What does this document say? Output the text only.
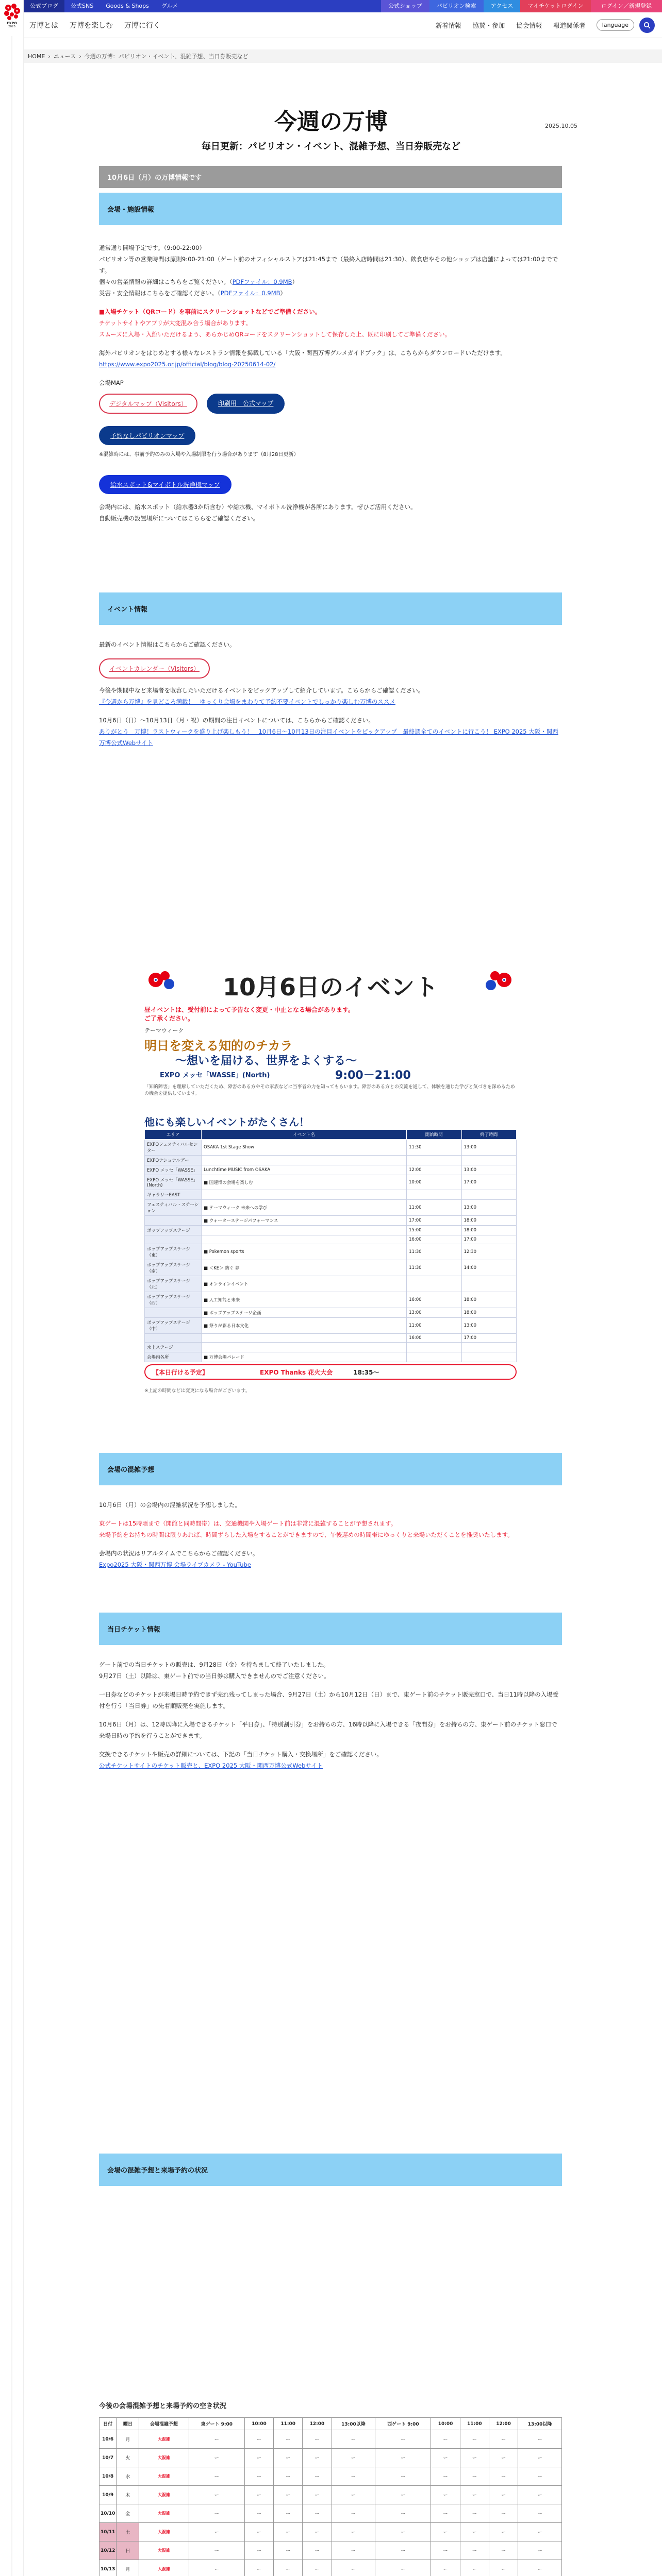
EXPO
2025
公式ブログ	公式SNS	Goods & Shops	グルメ	公式ショップ	パビリオン検索	アクセス	マイチケットログイン	ログイン／新規登録
万博とは	万博を楽しむ	万博に行く	新着情報	協賛・参加	協会情報	報道関係者	language
HOME › ニュース › 今週の万博：パビリオン・イベント、混雑予想、当日券販売など
今週の万博	2025.10.05
毎日更新：パビリオン・イベント、混雑予想、当日券販売など
10月6日（月）の万博情報です
会場・施設情報
通常通り開場予定です。（9:00-22:00）
パビリオン等の営業時間は原則9:00-21:00（ゲート前のオフィシャルストアは21:45まで（最終入店時間は21:30）、飲食店やその他ショップは店舗によっては21:00までです。
個々の営業情報の詳細はこちらをご覧ください。（PDFファイル：0.9MB）
災害・安全情報はこちらをご確認ください。（PDFファイル：0.9MB）
■入場チケット（QRコード）を事前にスクリーンショットなどでご準備ください。
チケットサイトやアプリが大変混み合う場合があります。
スムーズに入場・入館いただけるよう、あらかじめQRコードをスクリーンショットして保存した上、既に印刷してご準備ください。
海外パビリオンをはじめとする様々なレストラン情報を掲載している「大阪・関西万博グルメガイドブック」は、こちらからダウンロードいただけます。
https://www.expo2025.or.jp/official/blog/blog-20250614-02/
会場MAP
デジタルマップ（Visitors）	印刷用　公式マップ
予約なしパビリオンマップ
※混雑時には、事前予約のみの入場や入場制限を行う場合があります（8月28日更新）
給水スポット&マイボトル洗浄機マップ
会場内には、給水スポット（給水器3か所含む）や給水機、マイボトル洗浄機が各所にあります。ぜひご活用ください。
自動販売機の設置場所についてはこちらをご確認ください。
イベント情報
最新のイベント情報はこちらからご確認ください。
イベントカレンダー（Visitors）
今後や期間中など来場者を収容したいただけるイベントをピックアップして紹介しています。こちらからご確認ください。
『今週から万博』を見どころ満載！　ゆっくり会場をまわりて予約不要イベントでしっかり楽しむ万博のススメ
10月6日（日）〜10月13日（月・祝）の期間の注目イベントについては、こちらからご確認ください。
ありがとう　万博！ラストウィークを盛り上げ楽しもう！　10月6日〜10月13日の注目イベントをピックアップ　最終週全てのイベントに行こう！ EXPO 2025 大阪・関西万博公式Webサイト
10月6日のイベント
昼イベントは、受付前によって予告なく変更・中止となる場合があります。
ご了承ください。
テーマウィーク
明日を変える知的のチカラ
〜想いを届ける、世界をよくする〜
EXPO メッセ「WASSE」(North)	9:00－21:00
「知的障害」を理解していただくため、障害のある方やその家族などに当事者の力を知ってもらいます。障害のある方との交流を通して、体験を通じた学びと気づきを深めるための機会を提供しています。
他にも楽しいイベントがたくさん！
エリア	イベント名	開始時間	終了時間
EXPOフェスティバルセンター	OSAKA 1st Stage Show	11:30	13:00
EXPOナショナルデー			
EXPO メッセ「WASSE」	Lunchtime MUSIC from OSAKA	12:00	13:00
EXPO メッセ「WASSE」(North)	■ 国連博の会場を楽しむ	10:00	17:00
ギャラリーEAST			
フェスティバル・ステーション	■ テーマウィーク 未来への学び	11:00	13:00
	■ ウォーターステージパフォーマンス	17:00	18:00
ポップアップステージ		15:00	18:00
		16:00	17:00
ポップアップステージ（東）	■ Pokemon sports	11:30	12:30
ポップアップステージ（南）	■ ＜KE＞ 紡ぐ 夢	11:30	14:00
ポップアップステージ（北）	■ オンラインイベント		
ポップアップステージ（西）	■ 人工知能と未来	16:00	18:00
	■ ポップアップステージ企画	13:00	18:00
ポップアップステージ（中）	■ 祭りが彩る日本文化	11:00	13:00
		16:00	17:00
水上ステージ			
会場内各所	■ 万博会場パレード		
【本日行ける予定】	EXPO Thanks 花火大会	18:35〜
※上記の時間などは変更になる場合がございます。
会場の混雑予想
10月6日（月）の会場内の混雑状況を予想しました。
東ゲートは15時頃まで（開館と同時間帯）は、交通機関や入場ゲート前は非常に混雑することが予想されます。
来場予約をお持ちの時間は限りあれば、時間ずらした入場をすることができますので、午後遅めの時間帯にゆっくりと来場いただくことを推奨いたします。
会場内の状況はリアルタイムでこちらからご確認ください。
Expo2025 大阪・関西万博 会場ライブカメラ - YouTube
当日チケット情報
ゲート前での当日チケットの販売は、9月28日（金）を持ちまして終了いたしました。
9月27日（土）以降は、東ゲート前での当日券は購入できませんのでご注意ください。
一日券などのチケットが来場日時予約できず売れ残ってしまった場合、9月27日（土）から10月12日（日）まで、東ゲート前のチケット販売窓口で、当日11時以降の入場受付を行う「当日券」の先着順販売を実施します。
10月6日（月）は、12時以降に入場できるチケット「平日券」、「特別割引券」をお持ちの方、16時以降に入場できる「夜間券」をお持ちの方、東ゲート前のチケット窓口で来場日時の予約を行うことができます。
交換できるチケットや販売の詳細については、下記の「当日チケット購入・交換場所」をご確認ください。
公式チケットサイトのチケット販売と、EXPO 2025 大阪・関西万博公式Webサイト
会場の混雑予想と来場予約の状況
今後の会場混雑予想と来場予約の空き状況
日付	曜日	会場混雑予想	東ゲート 9:00	10:00	11:00	12:00	13:00以降	西ゲート 9:00	10:00	11:00	12:00	13:00以降
10/6	月	大混雑	ー	ー	ー	ー	ー	ー	ー	ー	ー	ー
10/7	火	大混雑	ー	ー	ー	ー	ー	ー	ー	ー	ー	ー
10/8	水	大混雑	ー	ー	ー	ー	ー	ー	ー	ー	ー	ー
10/9	木	大混雑	ー	ー	ー	ー	ー	ー	ー	ー	ー	ー
10/10	金	大混雑	ー	ー	ー	ー	ー	ー	ー	ー	ー	ー
10/11	土	大混雑	ー	ー	ー	ー	ー	ー	ー	ー	ー	ー
10/12	日	大混雑	ー	ー	ー	ー	ー	ー	ー	ー	ー	ー
10/13	月	大混雑	ー	ー	ー	ー	ー	ー	ー	ー	ー	ー
